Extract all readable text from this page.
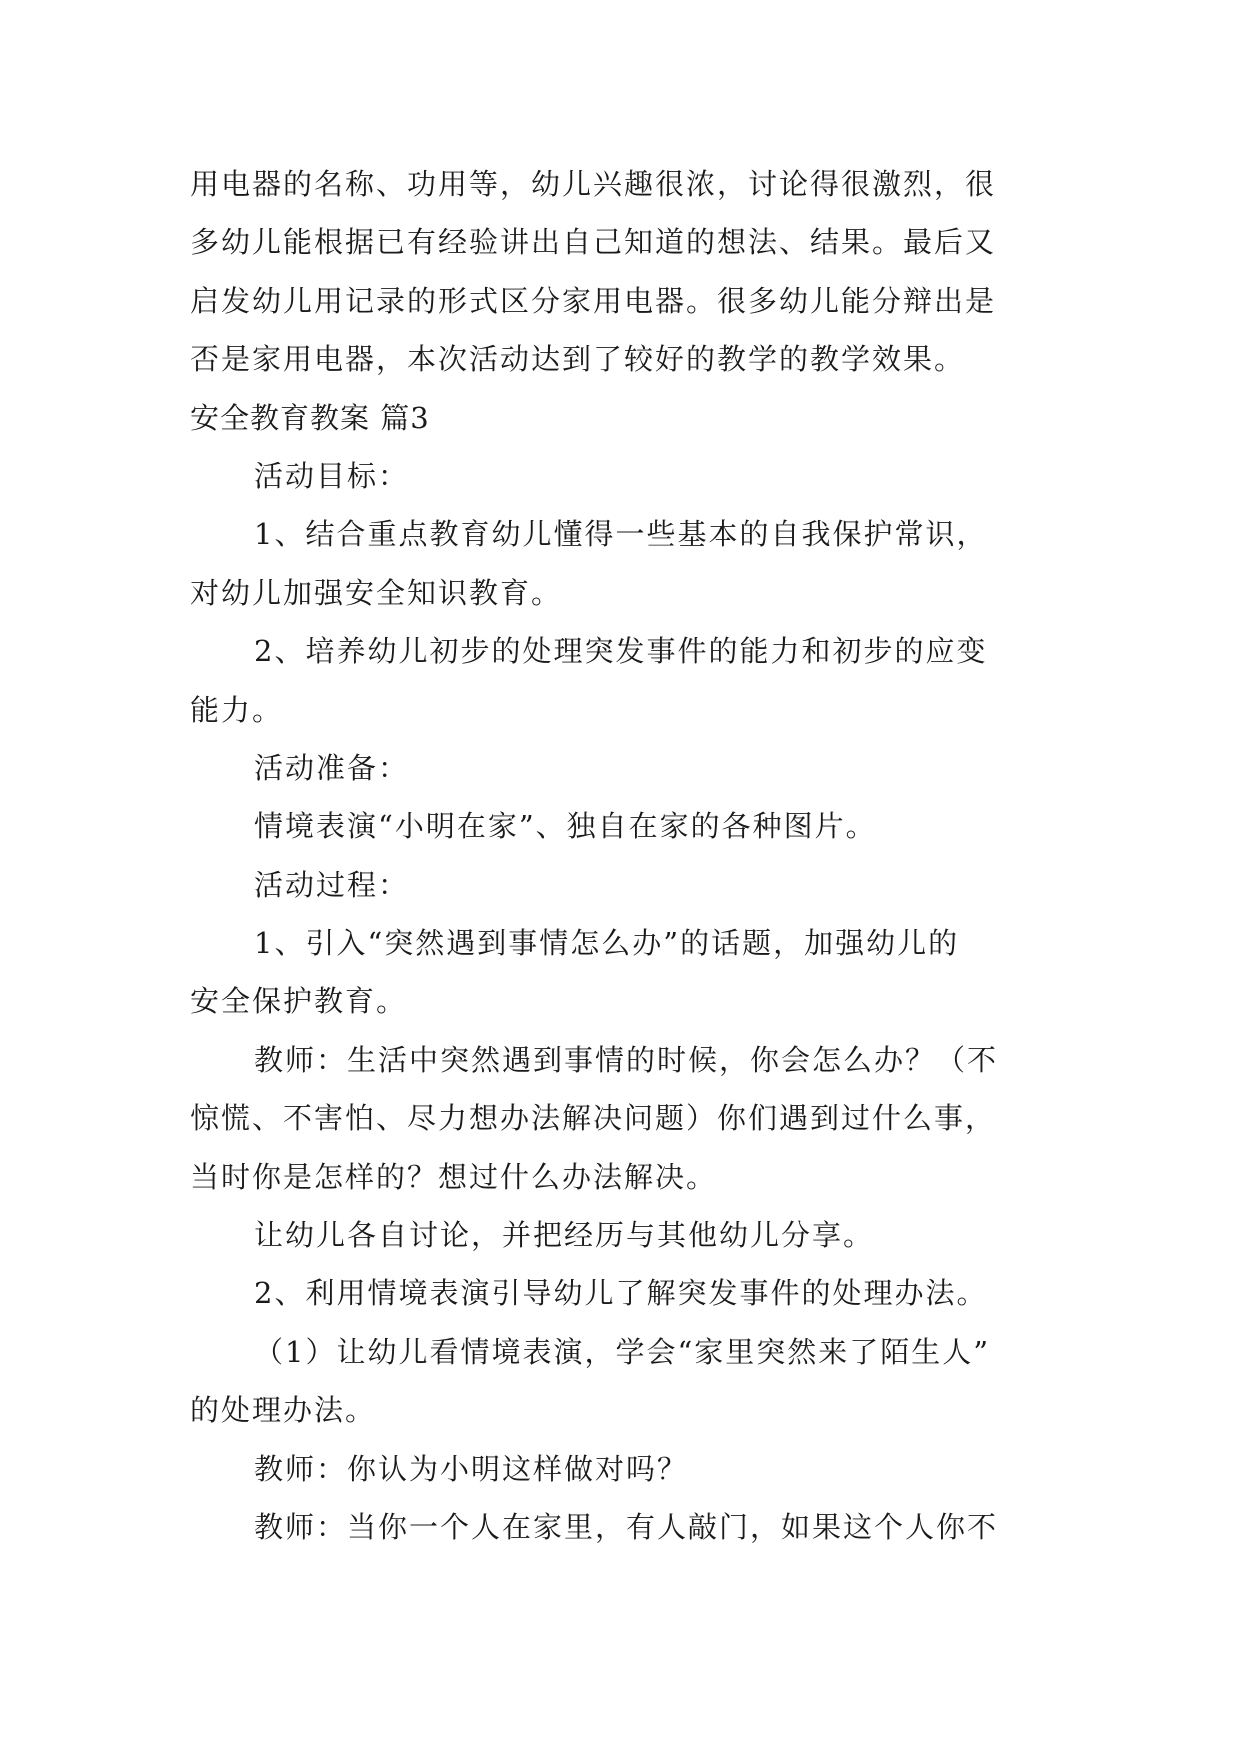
用电器的名称、功用等，幼儿兴趣很浓，讨论得很激烈，很
多幼儿能根据已有经验讲出自己知道的想法、结果。最后又
启发幼儿用记录的形式区分家用电器。很多幼儿能分辩出是
否是家用电器，本次活动达到了较好的教学的教学效果。
安全教育教案 篇3
活动目标：
1、结合重点教育幼儿懂得一些基本的自我保护常识，
对幼儿加强安全知识教育。
2、培养幼儿初步的处理突发事件的能力和初步的应变
能力。
活动准备：
情境表演“小明在家”、独自在家的各种图片。
活动过程：
1、引入“突然遇到事情怎么办”的话题，加强幼儿的
安全保护教育。
教师：生活中突然遇到事情的时候，你会怎么办？（不
惊慌、不害怕、尽力想办法解决问题）你们遇到过什么事，
当时你是怎样的？想过什么办法解决。
让幼儿各自讨论，并把经历与其他幼儿分享。
2、利用情境表演引导幼儿了解突发事件的处理办法。
（1）让幼儿看情境表演，学会“家里突然来了陌生人”
的处理办法。
教师：你认为小明这样做对吗？
教师：当你一个人在家里，有人敲门，如果这个人你不
